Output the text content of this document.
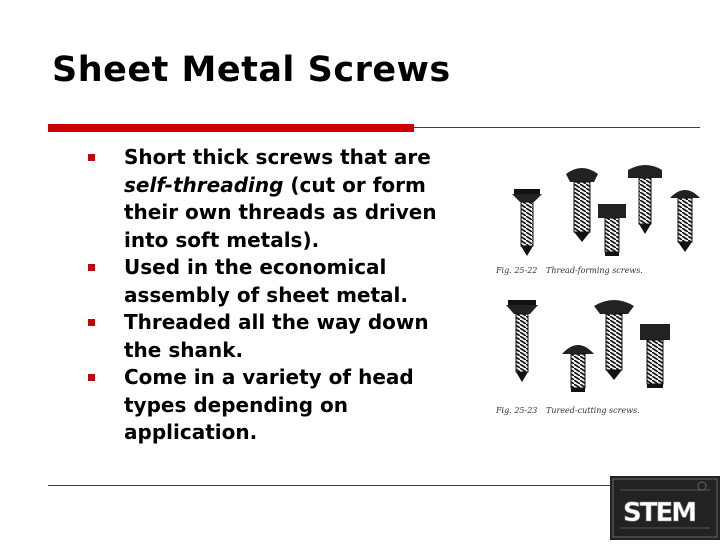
Sheet Metal Screws
Short thick screws that are self-threading (cut or form their own threads as driven into soft metals).
Used in the economical assembly of sheet metal.
Threaded all the way down the shank.
Come in a variety of head types depending on application.
Fig. 25-22 Thread-forming screws.
Fig. 25-23 Tureed-cutting screws.
STEM
